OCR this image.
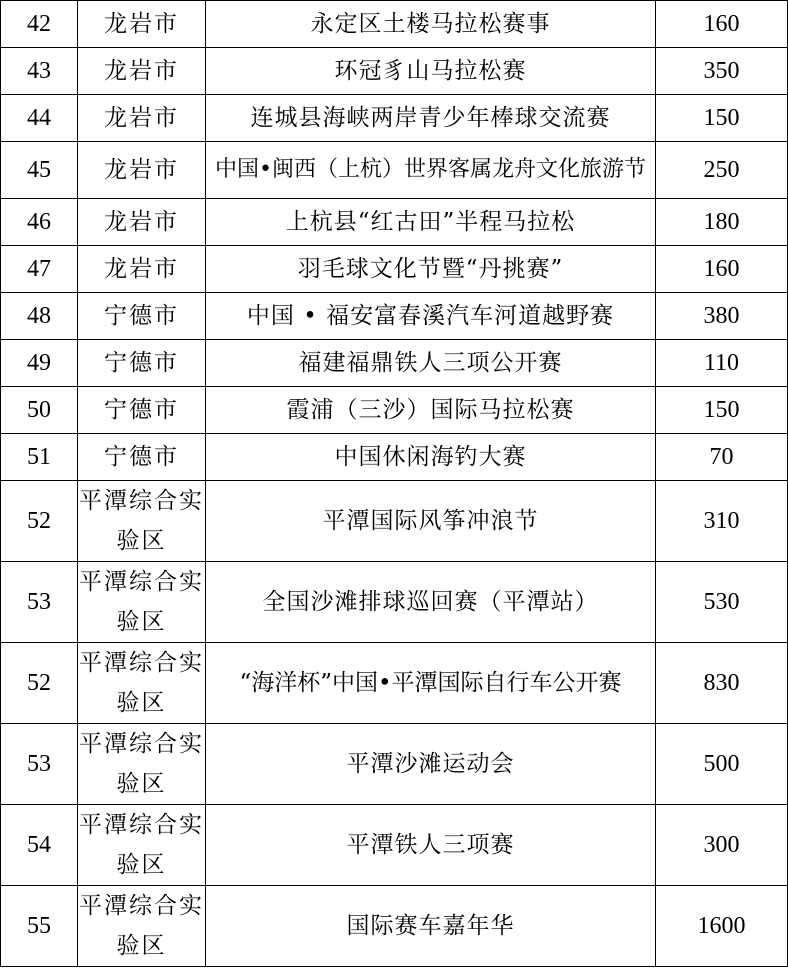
42	龙岩市	永定区土楼马拉松赛事	160
43	龙岩市	环冠豸山马拉松赛	350
44	龙岩市	连城县海峡两岸青少年棒球交流赛	150
45	龙岩市	中国•闽西（上杭）世界客属龙舟文化旅游节	250
46	龙岩市	上杭县“红古田”半程马拉松	180
47	龙岩市	羽毛球文化节暨“丹挑赛”	160
48	宁德市	中国 • 福安富春溪汽车河道越野赛	380
49	宁德市	福建福鼎铁人三项公开赛	110
50	宁德市	霞浦（三沙）国际马拉松赛	150
51	宁德市	中国休闲海钓大赛	70
52	平潭综合实验区	平潭国际风筝冲浪节	310
53	平潭综合实验区	全国沙滩排球巡回赛（平潭站）	530
52	平潭综合实验区	“海洋杯”中国•平潭国际自行车公开赛	830
53	平潭综合实验区	平潭沙滩运动会	500
54	平潭综合实验区	平潭铁人三项赛	300
55	平潭综合实验区	国际赛车嘉年华	1600
